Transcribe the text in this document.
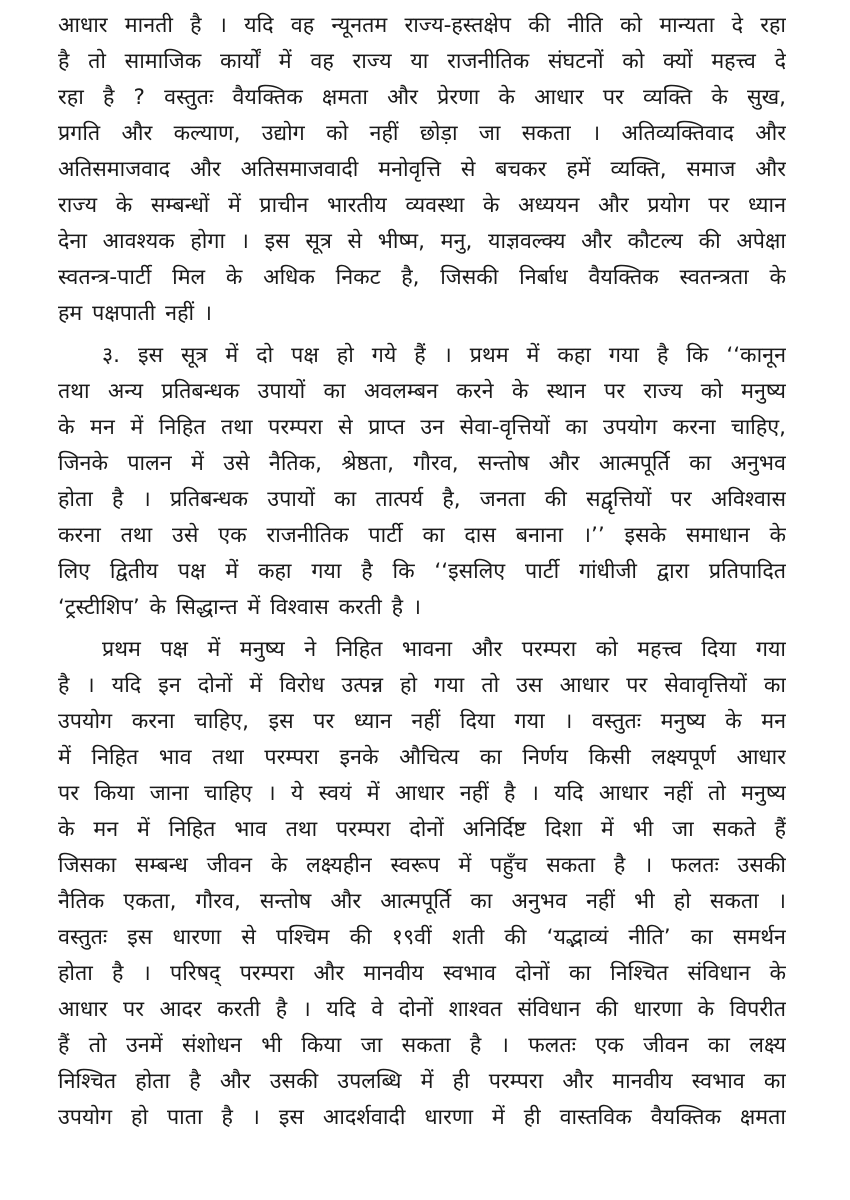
आधार मानती है । यदि वह न्यूनतम राज्य-हस्तक्षेप की नीति को मान्यता दे रहा
है तो सामाजिक कार्यों में वह राज्य या राजनीतिक संघटनों को क्यों महत्त्व दे
रहा है ? वस्तुतः वैयक्तिक क्षमता और प्रेरणा के आधार पर व्यक्ति के सुख,
प्रगति और कल्याण, उद्योग को नहीं छोड़ा जा सकता । अतिव्यक्तिवाद और
अतिसमाजवाद और अतिसमाजवादी मनोवृत्ति से बचकर हमें व्यक्ति, समाज और
राज्य के सम्बन्धों में प्राचीन भारतीय व्यवस्था के अध्ययन और प्रयोग पर ध्यान
देना आवश्यक होगा । इस सूत्र से भीष्म, मनु, याज्ञवल्क्य और कौटल्य की अपेक्षा
स्वतन्त्र-पार्टी मिल के अधिक निकट है, जिसकी निर्बाध वैयक्तिक स्वतन्त्रता के
हम पक्षपाती नहीं ।
३. इस सूत्र में दो पक्ष हो गये हैं । प्रथम में कहा गया है कि ‘‘कानून
तथा अन्य प्रतिबन्धक उपायों का अवलम्बन करने के स्थान पर राज्य को मनुष्य
के मन में निहित तथा परम्परा से प्राप्त उन सेवा-वृत्तियों का उपयोग करना चाहिए,
जिनके पालन में उसे नैतिक, श्रेष्ठता, गौरव, सन्तोष और आत्मपूर्ति का अनुभव
होता है । प्रतिबन्धक उपायों का तात्पर्य है, जनता की सद्वृत्तियों पर अविश्वास
करना तथा उसे एक राजनीतिक पार्टी का दास बनाना ।’’ इसके समाधान के
लिए द्वितीय पक्ष में कहा गया है कि ‘‘इसलिए पार्टी गांधीजी द्वारा प्रतिपादित
‘ट्रस्टीशिप’ के सिद्धान्त में विश्वास करती है ।
प्रथम पक्ष में मनुष्य ने निहित भावना और परम्परा को महत्त्व दिया गया
है । यदि इन दोनों में विरोध उत्पन्न हो गया तो उस आधार पर सेवावृत्तियों का
उपयोग करना चाहिए, इस पर ध्यान नहीं दिया गया । वस्तुतः मनुष्य के मन
में निहित भाव तथा परम्परा इनके औचित्य का निर्णय किसी लक्ष्यपूर्ण आधार
पर किया जाना चाहिए । ये स्वयं में आधार नहीं है । यदि आधार नहीं तो मनुष्य
के मन में निहित भाव तथा परम्परा दोनों अनिर्दिष्ट दिशा में भी जा सकते हैं
जिसका सम्बन्ध जीवन के लक्ष्यहीन स्वरूप में पहुँच सकता है । फलतः उसकी
नैतिक एकता, गौरव, सन्तोष और आत्मपूर्ति का अनुभव नहीं भी हो सकता ।
वस्तुतः इस धारणा से पश्चिम की १९वीं शती की ‘यद्भाव्यं नीति’ का समर्थन
होता है । परिषद् परम्परा और मानवीय स्वभाव दोनों का निश्चित संविधान के
आधार पर आदर करती है । यदि वे दोनों शाश्वत संविधान की धारणा के विपरीत
हैं तो उनमें संशोधन भी किया जा सकता है । फलतः एक जीवन का लक्ष्य
निश्चित होता है और उसकी उपलब्धि में ही परम्परा और मानवीय स्वभाव का
उपयोग हो पाता है । इस आदर्शवादी धारणा में ही वास्तविक वैयक्तिक क्षमता
